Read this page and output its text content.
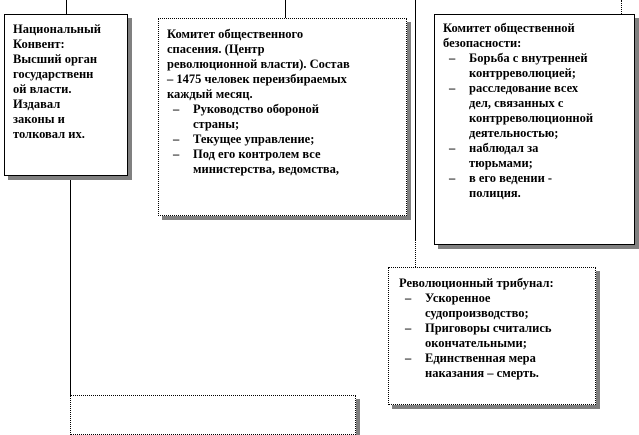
Национальный
Конвент:
Высший орган
государственн
ой власти.
Издавал
законы и
толковал их.
Комитет общественного
спасения. (Центр
революционной власти). Состав
– 1475 человек переизбираемых
каждый месяц.
– Руководство обороной
страны;
– Текущее управление;
– Под его контролем все
министерства, ведомства,
Комитет общественной
безопасности:
– Борьба с внутренней
контрреволюцией;
– расследование всех
дел, связанных с
контрреволюционной
деятельностью;
– наблюдал за
тюрьмами;
– в его ведении -
полиция.
Революционный трибунал:
– Ускоренное
судопроизводство;
– Приговоры считались
окончательными;
– Единственная мера
наказания – смерть.
